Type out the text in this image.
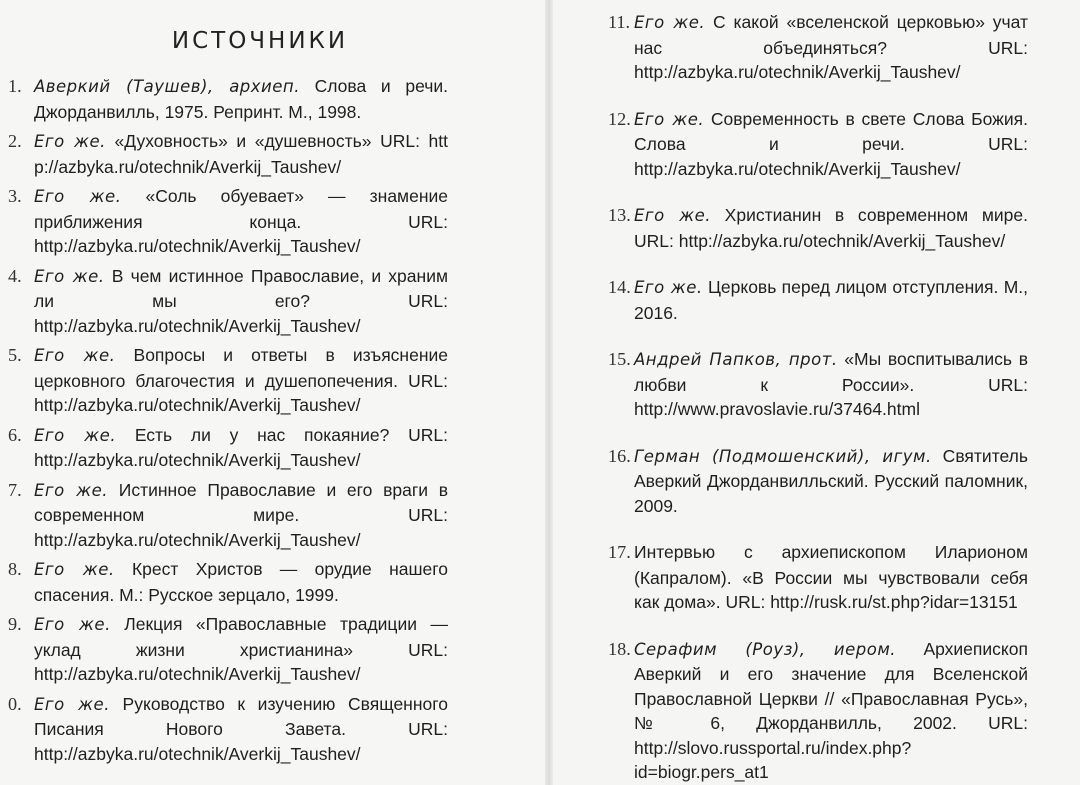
ИСТОЧНИКИ
1. Аверкий (Таушев), архиеп. Слова и речи. Джорданвилль, 1975. Репринт. М., 1998.
2. Его же. «Духовность» и «душевность» URL: http://azbyka.ru/otechnik/Averkij_Taushev/
3. Его же. «Соль обуевает» — знамение приближения конца. URL: http://azbyka.ru/otechnik/Averkij_Taushev/
4. Его же. В чем истинное Православие, и храним ли мы его? URL: http://azbyka.ru/otechnik/Averkij_Taushev/
5. Его же. Вопросы и ответы в изъяснение церковного благочестия и душепопечения. URL: http://azbyka.ru/otechnik/Averkij_Taushev/
6. Его же. Есть ли у нас покаяние? URL: http://azbyka.ru/otechnik/Averkij_Taushev/
7. Его же. Истинное Православие и его враги в современном мире. URL: http://azbyka.ru/otechnik/Averkij_Taushev/
8. Его же. Крест Христов — орудие нашего спасения. М.: Русское зерцало, 1999.
9. Его же. Лекция «Православные традиции — уклад жизни христианина» URL: http://azbyka.ru/otechnik/Averkij_Taushev/
0. Его же. Руководство к изучению Священного Писания Нового Завета. URL: http://azbyka.ru/otechnik/Averkij_Taushev/
11. Его же. С какой «вселенской церковью» учат нас объединяться? URL: http://azbyka.ru/otechnik/Averkij_Taushev/
12. Его же. Современность в свете Слова Божия. Слова и речи. URL: http://azbyka.ru/otechnik/Averkij_Taushev/
13. Его же. Христианин в современном мире. URL: http://azbyka.ru/otechnik/Averkij_Taushev/
14. Его же. Церковь перед лицом отступления. М., 2016.
15. Андрей Папков, прот. «Мы воспитывались в любви к России». URL: http://www.pravoslavie.ru/37464.html
16. Герман (Подмошенский), игум. Святитель Аверкий Джорданвилльский. Русский паломник, 2009.
17. Интервью с архиепископом Иларионом (Капралом). «В России мы чувствовали себя как дома». URL: http://rusk.ru/st.php?idar=13151
18. Серафим (Роуз), иером. Архиепископ Аверкий и его значение для Вселенской Православной Церкви // «Православная Русь», № 6, Джорданвилль, 2002. URL: http://slovo.russportal.ru/index.php?id=biogr.pers_at1
